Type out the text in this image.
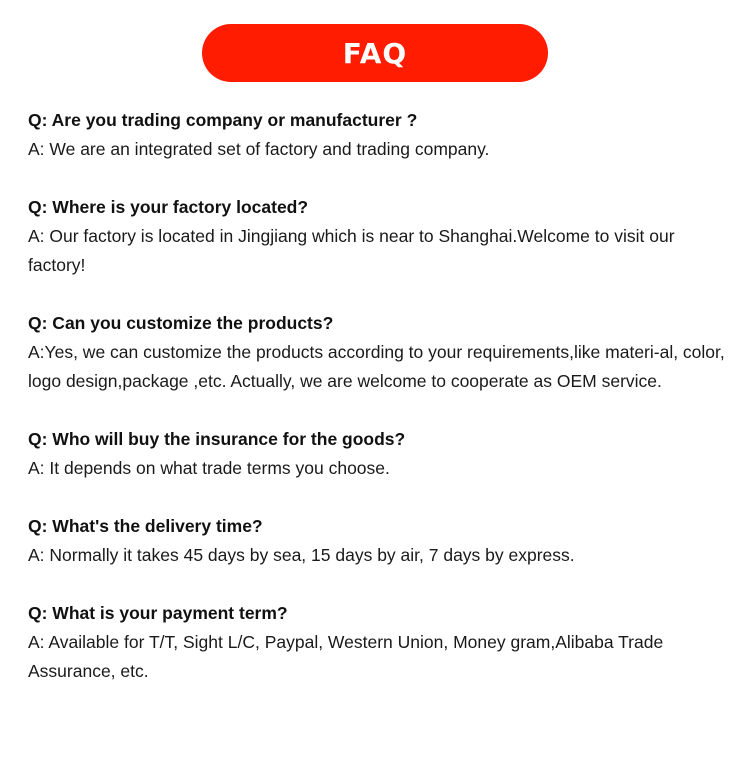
FAQ

Q: Are you trading company or manufacturer ?

A: We are an integrated set of factory and trading company.

Q: Where is your factory located?

A: Our factory is located in Jingjiang which is near to Shanghai.Welcome to visit our factory!

Q: Can you customize the products?

A:Yes, we can customize the products according to your requirements,like materi-al, color, logo design,package ,etc. Actually, we are welcome to cooperate as OEM service.

Q: Who will buy the insurance for the goods?

A: It depends on what trade terms you choose.

Q: What's the delivery time?

A: Normally it takes 45 days by sea, 15 days by air, 7 days by express.

Q: What is your payment term?

A: Available for T/T, Sight L/C, Paypal, Western Union, Money gram,Alibaba Trade Assurance, etc.
